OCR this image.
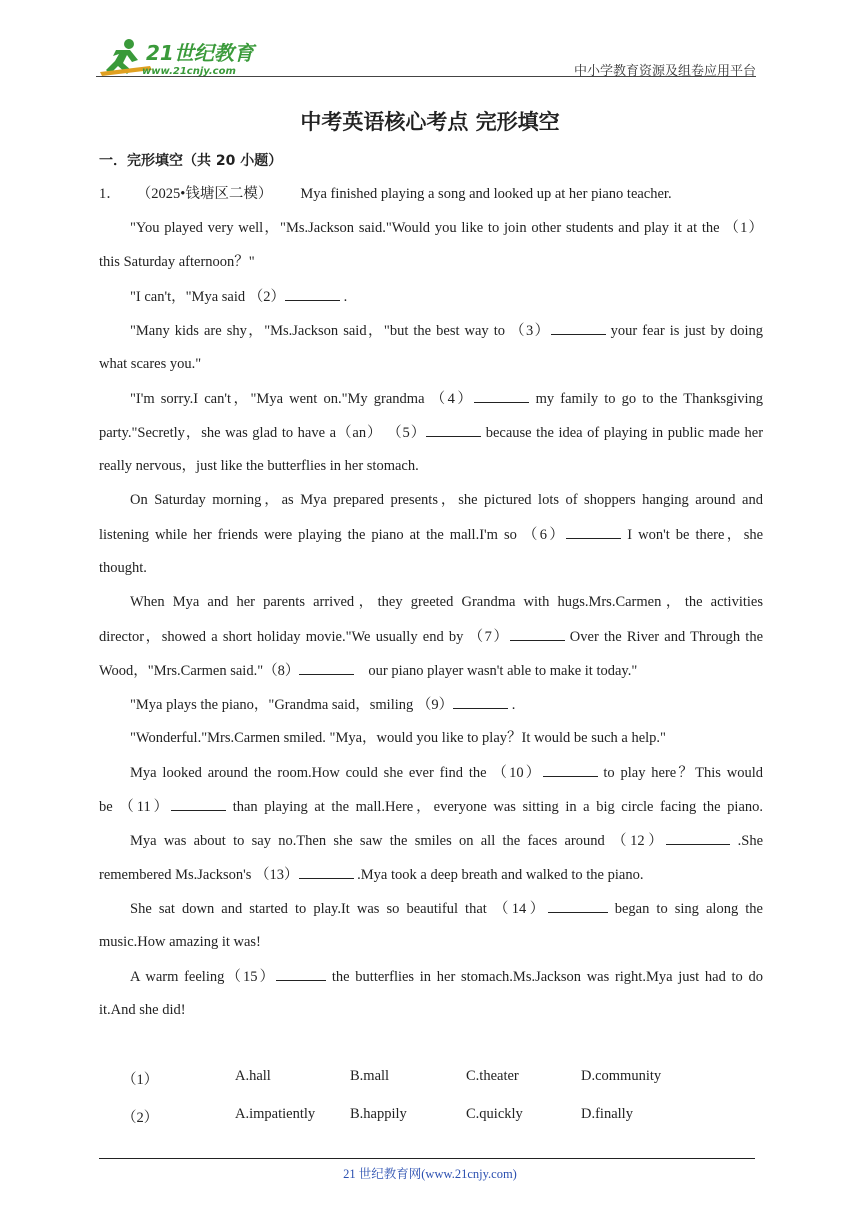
21世纪教育
www.21cnjy.com	中小学教育资源及组卷应用平台
中考英语核心考点 完形填空
一．完形填空（共 20 小题）
1． （2025•钱塘区二模） Mya finished playing a song and looked up at her piano teacher.
"You played very well，"Ms.Jackson said."Would you like to join other students and play it at the （1）
this Saturday afternoon？"
"I can't，"Mya said （2）	.
"Many kids are shy，"Ms.Jackson said，"but the best way to （3）	your fear is just by doing
what scares you."
"I'm sorry.I can't，"Mya went on."My grandma （4）	my family to go to the Thanksgiving
party."Secretly，she was glad to have a（an） （5）	because the idea of playing in public made her
really nervous，just like the butterflies in her stomach.
On Saturday morning，as Mya prepared presents，she pictured lots of shoppers hanging around and
listening while her friends were playing the piano at the mall.I'm so （6）	I won't be there，she
thought.
When Mya and her parents arrived，they greeted Grandma with hugs.Mrs.Carmen，the activities
director，showed a short holiday movie."We usually end by （7）	Over the River and Through the
Wood，"Mrs.Carmen said."（8）	our piano player wasn't able to make it today."
"Mya plays the piano，"Grandma said，smiling （9）	.
"Wonderful."Mrs.Carmen smiled. "Mya，would you like to play？It would be such a help."
Mya looked around the room.How could she ever find the （10）	to play here？This would
be （11）	than playing at the mall.Here，everyone was sitting in a big circle facing the piano.
Mya was about to say no.Then she saw the smiles on all the faces around （12）	.She
remembered Ms.Jackson's （13）	.Mya took a deep breath and walked to the piano.
She sat down and started to play.It was so beautiful that （14）	began to sing along the
music.How amazing it was!
A warm feeling（15）	the butterflies in her stomach.Ms.Jackson was right.Mya just had to do
it.And she did!
（1）	A.hall	B.mall	C.theater	D.community
（2）	A.impatiently B.happily	C.quickly	D.finally
21 世纪教育网(www.21cnjy.com)
